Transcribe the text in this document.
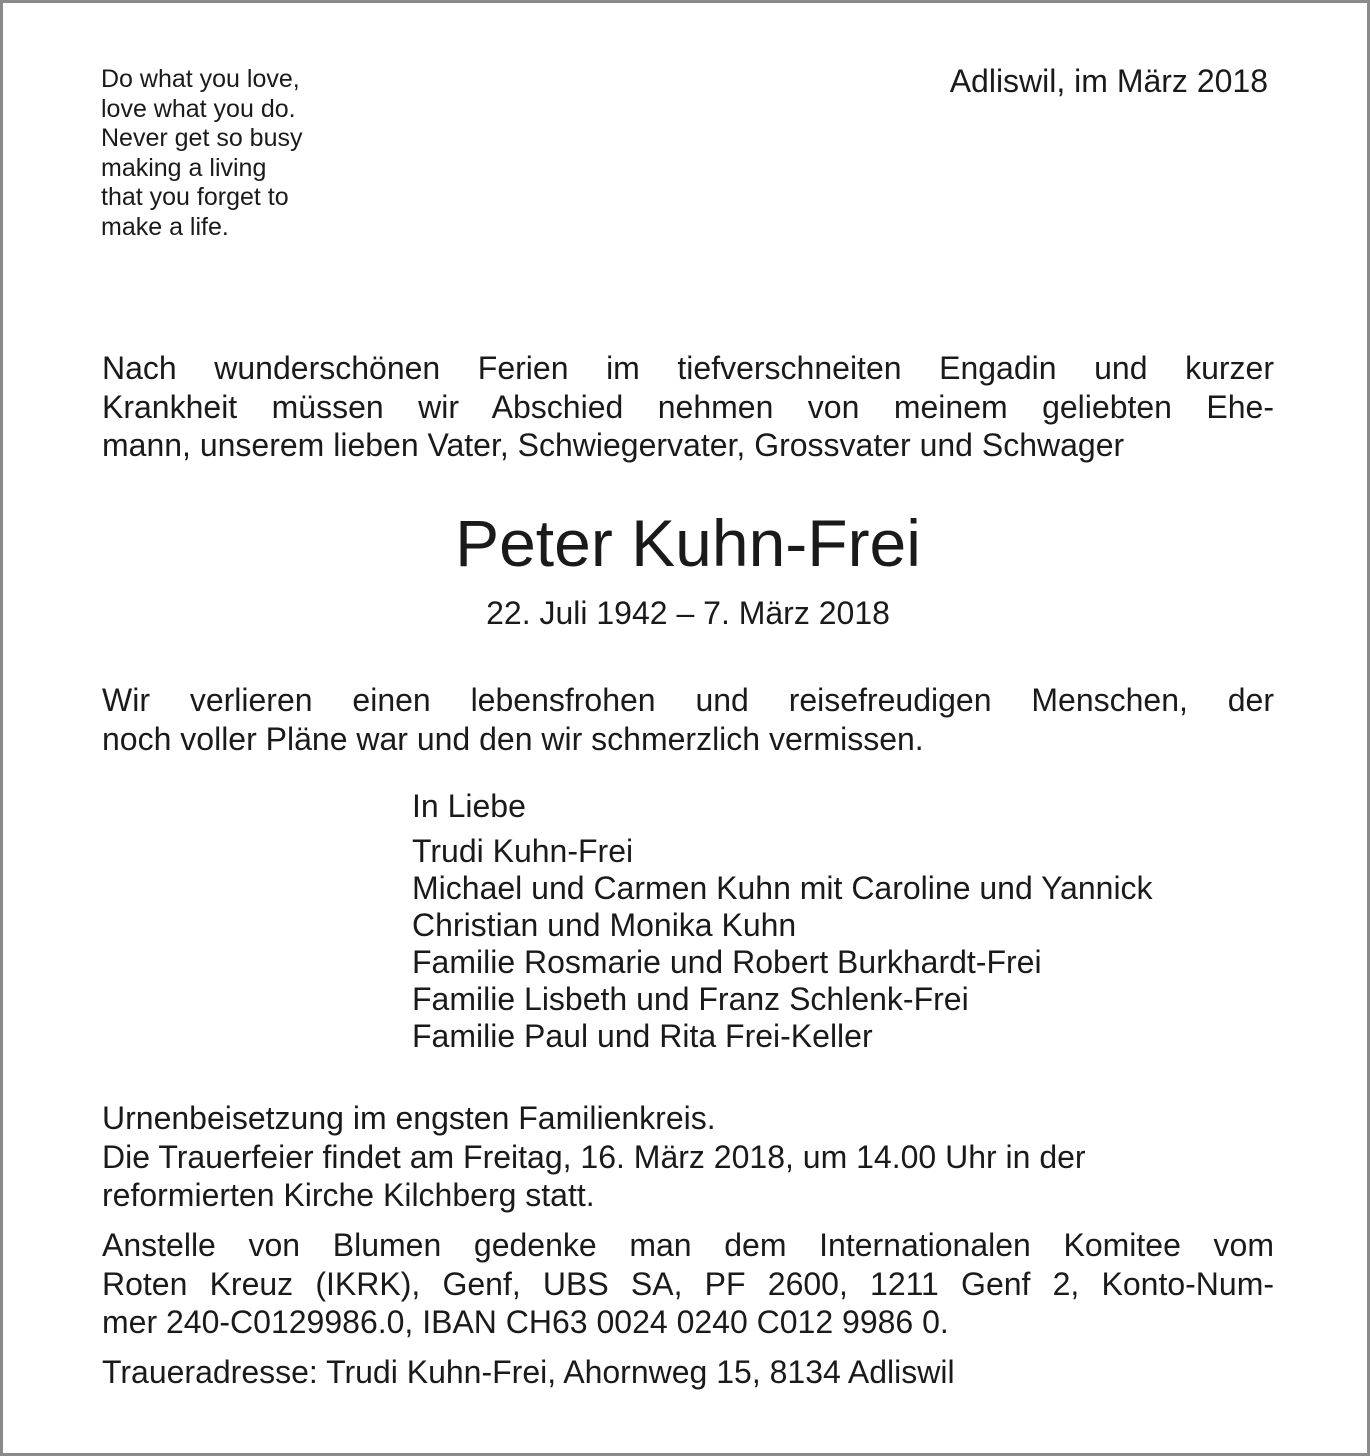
Do what you love,
love what you do.
Never get so busy
making a living
that you forget to
make a life.
Adliswil, im März 2018
Nach wunderschönen Ferien im tiefverschneiten Engadin und kurzer
Krankheit müssen wir Abschied nehmen von meinem geliebten Ehe-
mann, unserem lieben Vater, Schwiegervater, Grossvater und Schwager
Peter Kuhn-Frei
22. Juli 1942 – 7. März 2018
Wir verlieren einen lebensfrohen und reisefreudigen Menschen, der
noch voller Pläne war und den wir schmerzlich vermissen.
In Liebe
Trudi Kuhn-Frei
Michael und Carmen Kuhn mit Caroline und Yannick
Christian und Monika Kuhn
Familie Rosmarie und Robert Burkhardt-Frei
Familie Lisbeth und Franz Schlenk-Frei
Familie Paul und Rita Frei-Keller
Urnenbeisetzung im engsten Familienkreis.
Die Trauerfeier findet am Freitag, 16. März 2018, um 14.00 Uhr in der
reformierten Kirche Kilchberg statt.
Anstelle von Blumen gedenke man dem Internationalen Komitee vom
Roten Kreuz (IKRK), Genf, UBS SA, PF 2600, 1211 Genf 2, Konto-Num-
mer 240-C0129986.0, IBAN CH63 0024 0240 C012 9986 0.
Traueradresse: Trudi Kuhn-Frei, Ahornweg 15, 8134 Adliswil
